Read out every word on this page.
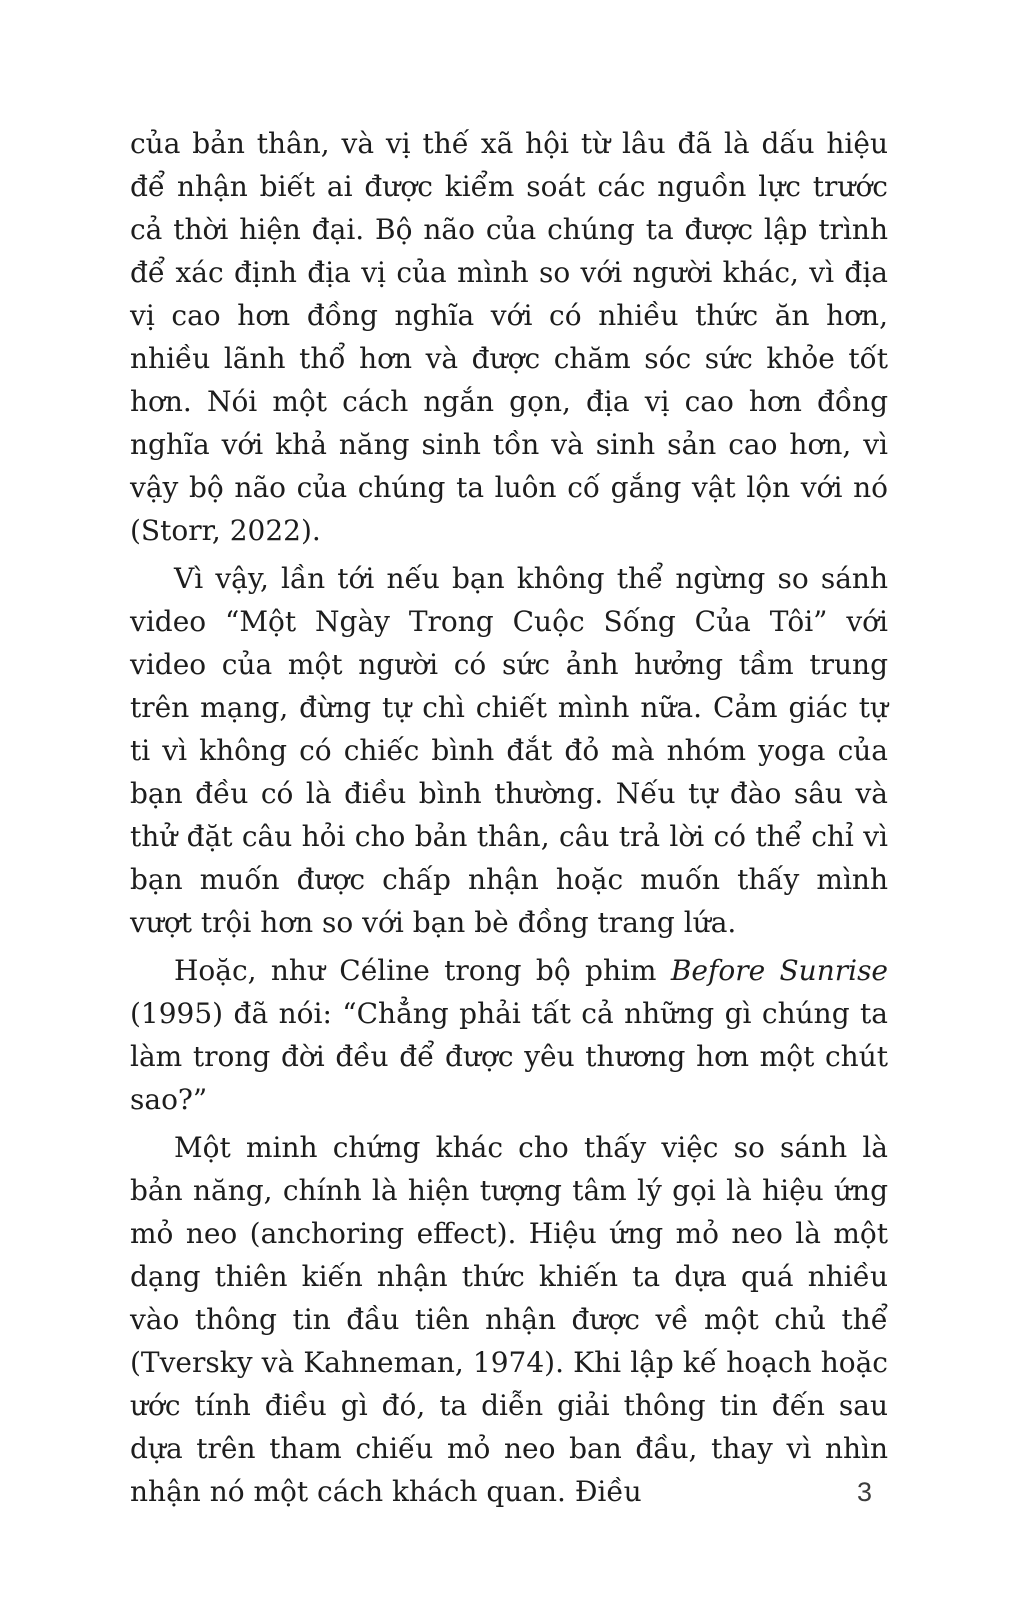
của bản thân, và vị thế xã hội từ lâu đã là dấu hiệu để nhận biết ai được kiểm soát các nguồn lực trước cả thời hiện đại. Bộ não của chúng ta được lập trình để xác định địa vị của mình so với người khác, vì địa vị cao hơn đồng nghĩa với có nhiều thức ăn hơn, nhiều lãnh thổ hơn và được chăm sóc sức khỏe tốt hơn. Nói một cách ngắn gọn, địa vị cao hơn đồng nghĩa với khả năng sinh tồn và sinh sản cao hơn, vì vậy bộ não của chúng ta luôn cố gắng vật lộn với nó (Storr, 2022).

Vì vậy, lần tới nếu bạn không thể ngừng so sánh video “Một Ngày Trong Cuộc Sống Của Tôi” với video của một người có sức ảnh hưởng tầm trung trên mạng, đừng tự chì chiết mình nữa. Cảm giác tự ti vì không có chiếc bình đắt đỏ mà nhóm yoga của bạn đều có là điều bình thường. Nếu tự đào sâu và thử đặt câu hỏi cho bản thân, câu trả lời có thể chỉ vì bạn muốn được chấp nhận hoặc muốn thấy mình vượt trội hơn so với bạn bè đồng trang lứa.

Hoặc, như Céline trong bộ phim Before Sunrise (1995) đã nói: “Chẳng phải tất cả những gì chúng ta làm trong đời đều để được yêu thương hơn một chút sao?”

Một minh chứng khác cho thấy việc so sánh là bản năng, chính là hiện tượng tâm lý gọi là hiệu ứng mỏ neo (anchoring effect). Hiệu ứng mỏ neo là một dạng thiên kiến nhận thức khiến ta dựa quá nhiều vào thông tin đầu tiên nhận được về một chủ thể (Tversky và Kahneman, 1974). Khi lập kế hoạch hoặc ước tính điều gì đó, ta diễn giải thông tin đến sau dựa trên tham chiếu mỏ neo ban đầu, thay vì nhìn nhận nó một cách khách quan. Điều	3
